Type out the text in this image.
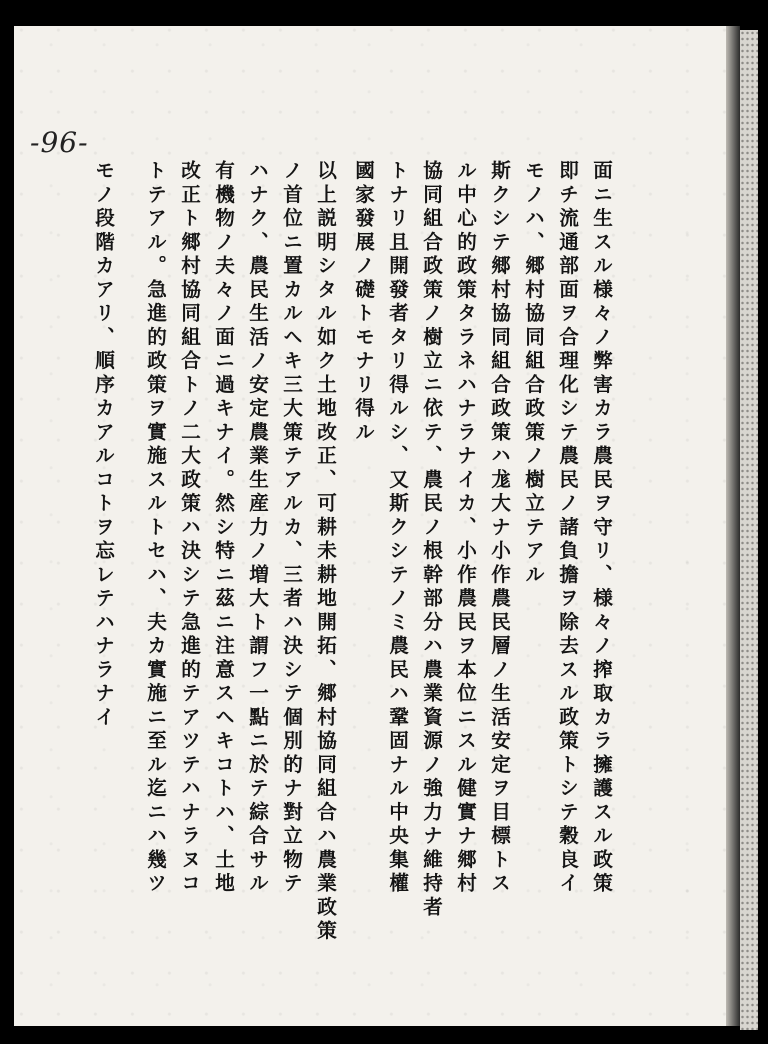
-96-
面ニ生スル様々ノ弊害カラ農民ヲ守リ、様々ノ搾取カラ擁護スル政策
即チ流通部面ヲ合理化シテ農民ノ諸負擔ヲ除去スル政策トシテ穀良イ
モノハ、郷村協同組合政策ノ樹立テアル
斯クシテ郷村協同組合政策ハ尨大ナ小作農民層ノ生活安定ヲ目標トス
ル中心的政策タラネハナラナイカ、小作農民ヲ本位ニスル健實ナ郷村
協同組合政策ノ樹立ニ依テ、農民ノ根幹部分ハ農業資源ノ強力ナ維持者
トナリ且開發者タリ得ルシ、又斯クシテノミ農民ハ鞏固ナル中央集權
國家發展ノ礎トモナリ得ル
以上説明シタル如ク土地改正、可耕未耕地開拓、郷村協同組合ハ農業政策
ノ首位ニ置カルヘキ三大策テアルカ、三者ハ決シテ個別的ナ對立物テ
ハナク、農民生活ノ安定農業生産力ノ増大ト謂フ一點ニ於テ綜合サル
有機物ノ夫々ノ面ニ過キナイ。然シ特ニ茲ニ注意スヘキコトハ、土地
改正ト郷村協同組合トノ二大政策ハ決シテ急進的テアツテハナラヌコ
トテアル。急進的政策ヲ實施スルトセハ、夫カ實施ニ至ル迄ニハ幾ツ
モノ段階カアリ、順序カアルコトヲ忘レテハナラナイ
